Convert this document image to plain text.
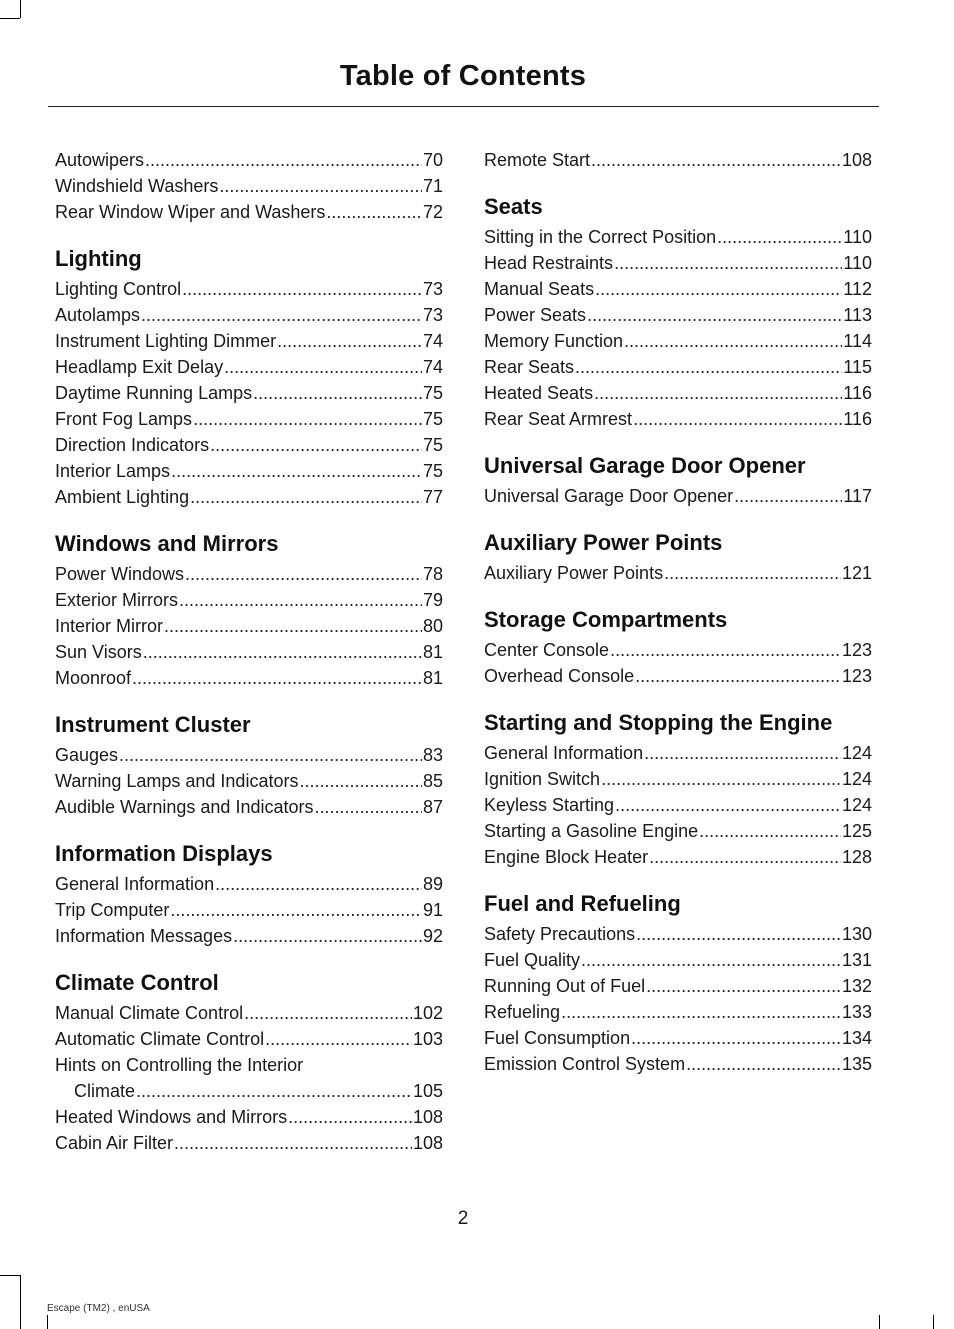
Table of Contents
Autowipers .....	70
Windshield Washers .....	71
Rear Window Wiper and Washers .....	72
Lighting
Lighting Control .....	73
Autolamps .....	73
Instrument Lighting Dimmer .....	74
Headlamp Exit Delay .....	74
Daytime Running Lamps .....	75
Front Fog Lamps .....	75
Direction Indicators .....	75
Interior Lamps .....	75
Ambient Lighting .....	77
Windows and Mirrors
Power Windows .....	78
Exterior Mirrors .....	79
Interior Mirror .....	80
Sun Visors .....	81
Moonroof .....	81
Instrument Cluster
Gauges .....	83
Warning Lamps and Indicators .....	85
Audible Warnings and Indicators .....	87
Information Displays
General Information .....	89
Trip Computer .....	91
Information Messages .....	92
Climate Control
Manual Climate Control .....	102
Automatic Climate Control .....	103
Hints on Controlling the Interior
Climate .....	105
Heated Windows and Mirrors .....	108
Cabin Air Filter .....	108
Remote Start .....	108
Seats
Sitting in the Correct Position .....	110
Head Restraints .....	110
Manual Seats .....	112
Power Seats .....	113
Memory Function .....	114
Rear Seats .....	115
Heated Seats .....	116
Rear Seat Armrest .....	116
Universal Garage Door Opener
Universal Garage Door Opener .....	117
Auxiliary Power Points
Auxiliary Power Points .....	121
Storage Compartments
Center Console .....	123
Overhead Console .....	123
Starting and Stopping the Engine
General Information .....	124
Ignition Switch .....	124
Keyless Starting .....	124
Starting a Gasoline Engine .....	125
Engine Block Heater .....	128
Fuel and Refueling
Safety Precautions .....	130
Fuel Quality .....	131
Running Out of Fuel .....	132
Refueling .....	133
Fuel Consumption .....	134
Emission Control System .....	135
2
Escape (TM2) , enUSA
